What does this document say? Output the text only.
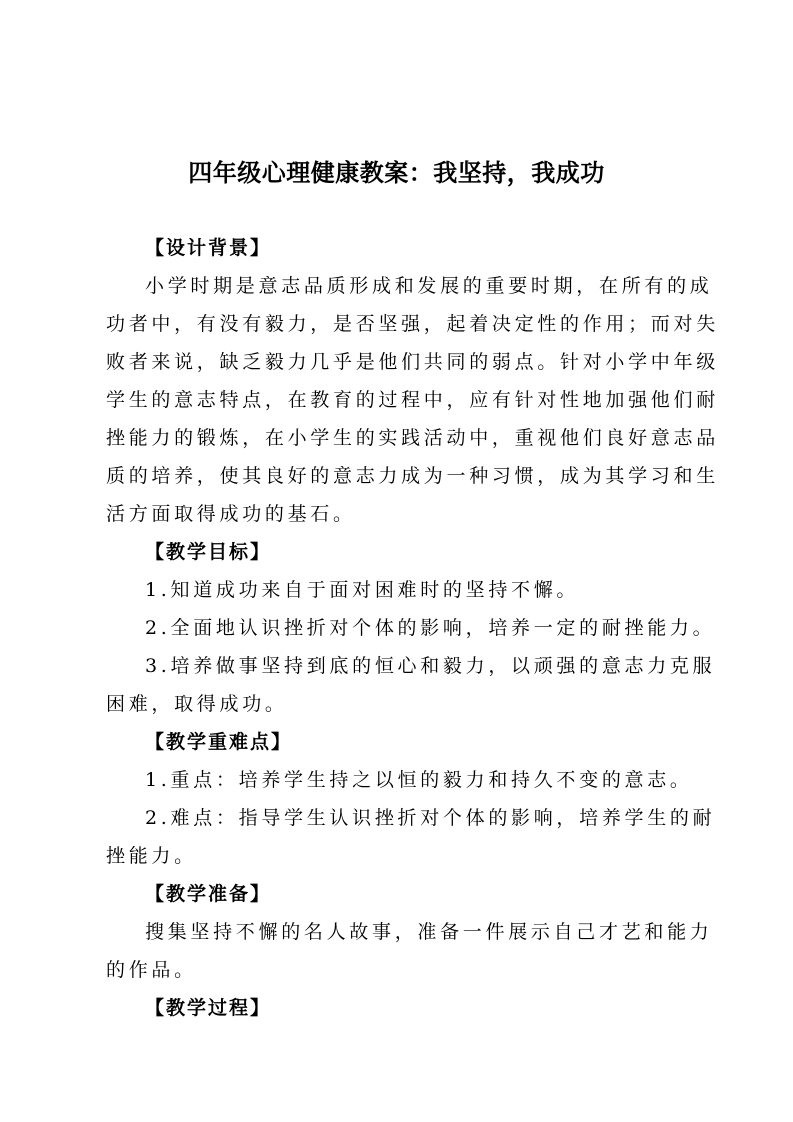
四年级心理健康教案：我坚持，我成功
【设计背景】
小学时期是意志品质形成和发展的重要时期，在所有的成
功者中，有没有毅力，是否坚强，起着决定性的作用；而对失
败者来说，缺乏毅力几乎是他们共同的弱点。针对小学中年级
学生的意志特点，在教育的过程中，应有针对性地加强他们耐
挫能力的锻炼，在小学生的实践活动中，重视他们良好意志品
质的培养，使其良好的意志力成为一种习惯，成为其学习和生
活方面取得成功的基石。
【教学目标】
1.知道成功来自于面对困难时的坚持不懈。
2.全面地认识挫折对个体的影响，培养一定的耐挫能力。
3.培养做事坚持到底的恒心和毅力，以顽强的意志力克服
困难，取得成功。
【教学重难点】
1.重点：培养学生持之以恒的毅力和持久不变的意志。
2.难点：指导学生认识挫折对个体的影响，培养学生的耐
挫能力。
【教学准备】
搜集坚持不懈的名人故事，准备一件展示自己才艺和能力
的作品。
【教学过程】
